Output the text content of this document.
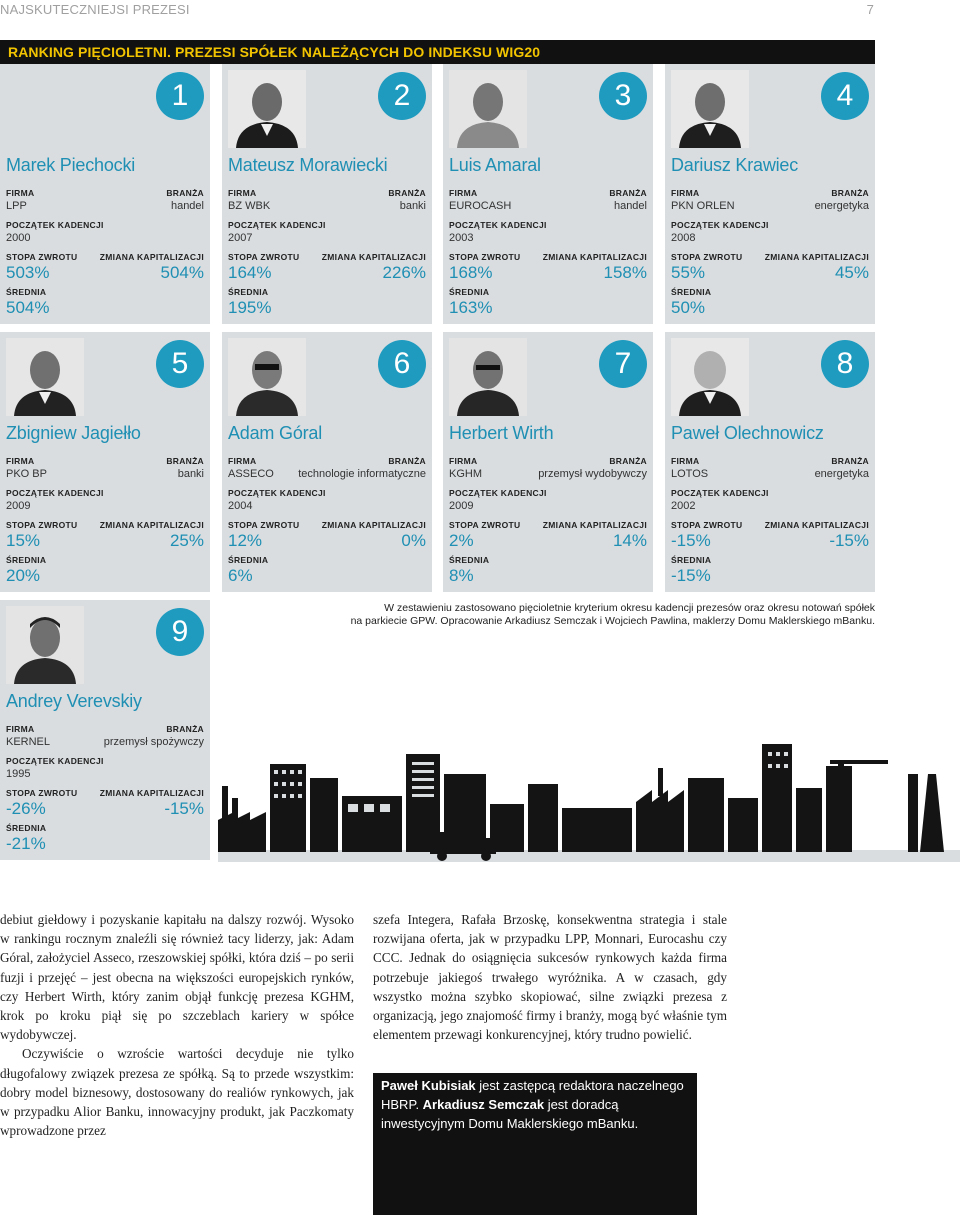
NAJSKUTECZNIEJSI PREZESI	7
RANKING PIĘCIOLETNI. PREZESI SPÓŁEK NALEŻĄCYCH DO INDEKSU WIG20
1
Marek Piechocki
FIRMA	BRANŻA
LPP	handel
POCZĄTEK KADENCJI
2000
STOPA ZWROTU	ZMIANA KAPITALIZACJI
503%	504%
ŚREDNIA
504%
2
Mateusz Morawiecki
FIRMA	BRANŻA
BZ WBK	banki
POCZĄTEK KADENCJI
2007
STOPA ZWROTU	ZMIANA KAPITALIZACJI
164%	226%
ŚREDNIA
195%
3
Luis Amaral
FIRMA	BRANŻA
EUROCASH	handel
POCZĄTEK KADENCJI
2003
STOPA ZWROTU	ZMIANA KAPITALIZACJI
168%	158%
ŚREDNIA
163%
4
Dariusz Krawiec
FIRMA	BRANŻA
PKN ORLEN	energetyka
POCZĄTEK KADENCJI
2008
STOPA ZWROTU	ZMIANA KAPITALIZACJI
55%	45%
ŚREDNIA
50%
5
Zbigniew Jagiełło
FIRMA	BRANŻA
PKO BP	banki
POCZĄTEK KADENCJI
2009
STOPA ZWROTU	ZMIANA KAPITALIZACJI
15%	25%
ŚREDNIA
20%
6
Adam Góral
FIRMA	BRANŻA
ASSECO technologie informatyczne
POCZĄTEK KADENCJI
2004
STOPA ZWROTU	ZMIANA KAPITALIZACJI
12%	0%
ŚREDNIA
6%
7
Herbert Wirth
FIRMA	BRANŻA
KGHM	przemysł wydobywczy
POCZĄTEK KADENCJI
2009
STOPA ZWROTU	ZMIANA KAPITALIZACJI
2%	14%
ŚREDNIA
8%
8
Paweł Olechnowicz
FIRMA	BRANŻA
LOTOS	energetyka
POCZĄTEK KADENCJI
2002
STOPA ZWROTU	ZMIANA KAPITALIZACJI
-15%	-15%
ŚREDNIA
-15%
9
Andrey Verevskiy
FIRMA	BRANŻA
KERNEL	przemysł spożywczy
POCZĄTEK KADENCJI
1995
STOPA ZWROTU	ZMIANA KAPITALIZACJI
-26%	-15%
ŚREDNIA
-21%
W zestawieniu zastosowano pięcioletnie kryterium okresu kadencji prezesów oraz okresu notowań spółek
na parkiecie GPW. Opracowanie Arkadiusz Semczak i Wojciech Pawlina, maklerzy Domu Maklerskiego mBanku.

debiut giełdowy i pozyskanie kapitału na dalszy rozwój. Wysoko w rankingu rocznym znaleźli się również tacy liderzy, jak: Adam Góral, założyciel Asseco, rzeszowskiej spółki, która dziś – po serii fuzji i przejęć – jest obecna na większości europejskich rynków, czy Herbert Wirth, który zanim objął funkcję prezesa KGHM, krok po kroku piął się po szczeblach kariery w spółce wydobywczej.

Oczywiście o wzroście wartości decyduje nie tylko długofalowy związek prezesa ze spółką. Są to przede wszystkim: dobry model biznesowy, dostosowany do realiów rynkowych, jak w przypadku Alior Banku, innowacyjny produkt, jak Paczkomaty wprowadzone przez

szefa Integera, Rafała Brzoskę, konsekwentna strategia i stale rozwijana oferta, jak w przypadku LPP, Monnari, Eurocashu czy CCC. Jednak do osiągnięcia sukcesów rynkowych każda firma potrzebuje jakiegoś trwałego wyróżnika. A w czasach, gdy wszystko można szybko skopiować, silne związki prezesa z organizacją, jego znajomość firmy i branży, mogą być właśnie tym elementem przewagi konkurencyjnej, który trudno powielić.

Paweł Kubisiak jest zastępcą redaktora naczelnego HBRP. Arkadiusz Semczak jest doradcą inwestycyjnym Domu Maklerskiego mBanku.
